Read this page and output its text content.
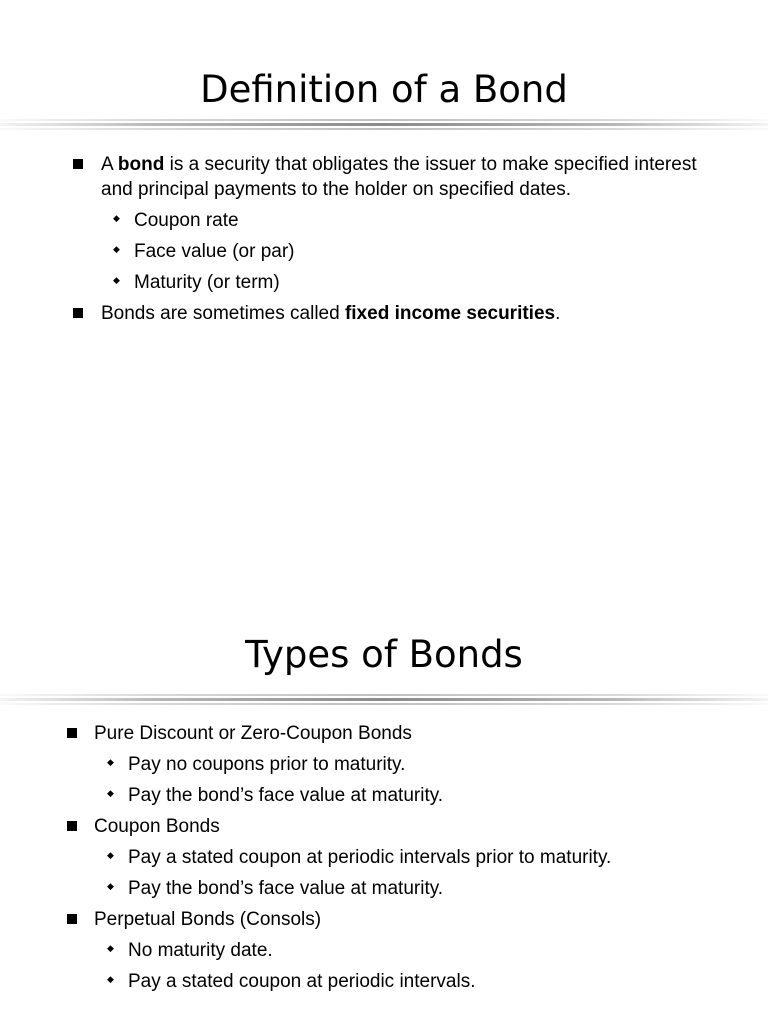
Definition of a Bond
A bond is a security that obligates the issuer to make specified interest and principal payments to the holder on specified dates.
◆ Coupon rate
◆ Face value (or par)
◆ Maturity (or term)
Bonds are sometimes called fixed income securities.
Types of Bonds
Pure Discount or Zero-Coupon Bonds
◆ Pay no coupons prior to maturity.
◆ Pay the bond’s face value at maturity.
Coupon Bonds
◆ Pay a stated coupon at periodic intervals prior to maturity.
◆ Pay the bond’s face value at maturity.
Perpetual Bonds (Consols)
◆ No maturity date.
◆ Pay a stated coupon at periodic intervals.
